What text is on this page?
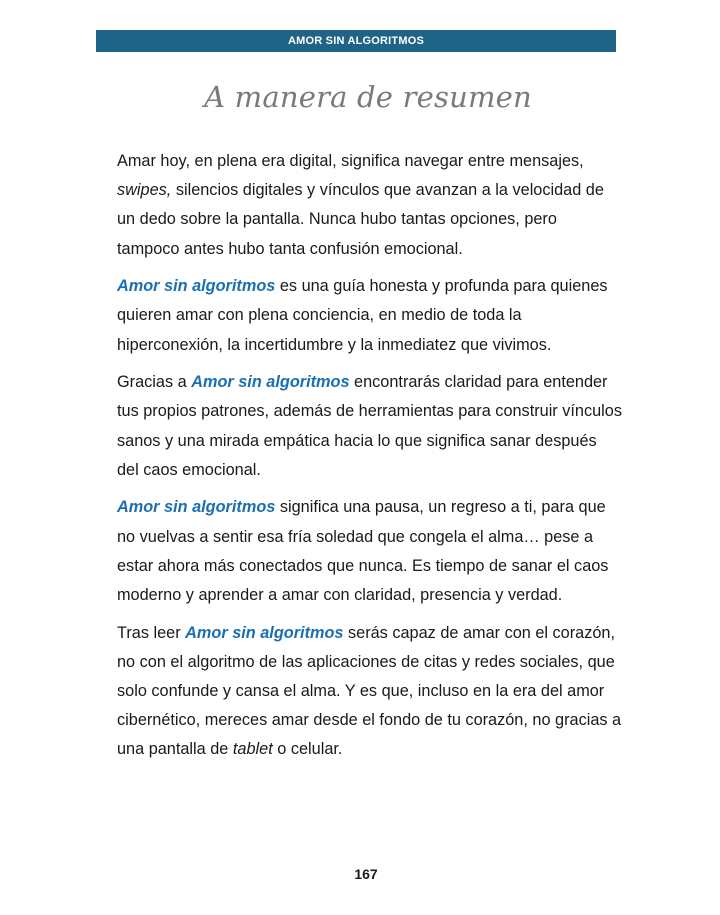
AMOR SIN ALGORITMOS
A manera de resumen

Amar hoy, en plena era digital, significa navegar entre mensajes, swipes, silencios digitales y vínculos que avanzan a la velocidad de un dedo sobre la pantalla. Nunca hubo tantas opciones, pero tampoco antes hubo tanta confusión emocional.

Amor sin algoritmos es una guía honesta y profunda para quienes quieren amar con plena conciencia, en medio de toda la hiperconexión, la incertidumbre y la inmediatez que vivimos.

Gracias a Amor sin algoritmos encontrarás claridad para entender tus propios patrones, además de herramientas para construir vínculos sanos y una mirada empática hacia lo que significa sanar después del caos emocional.

Amor sin algoritmos significa una pausa, un regreso a ti, para que no vuelvas a sentir esa fría soledad que congela el alma… pese a estar ahora más conectados que nunca. Es tiempo de sanar el caos moderno y aprender a amar con claridad, presencia y verdad.

Tras leer Amor sin algoritmos serás capaz de amar con el corazón, no con el algoritmo de las aplicaciones de citas y redes sociales, que solo confunde y cansa el alma. Y es que, incluso en la era del amor cibernético, mereces amar desde el fondo de tu corazón, no gracias a una pantalla de tablet o celular.

167
